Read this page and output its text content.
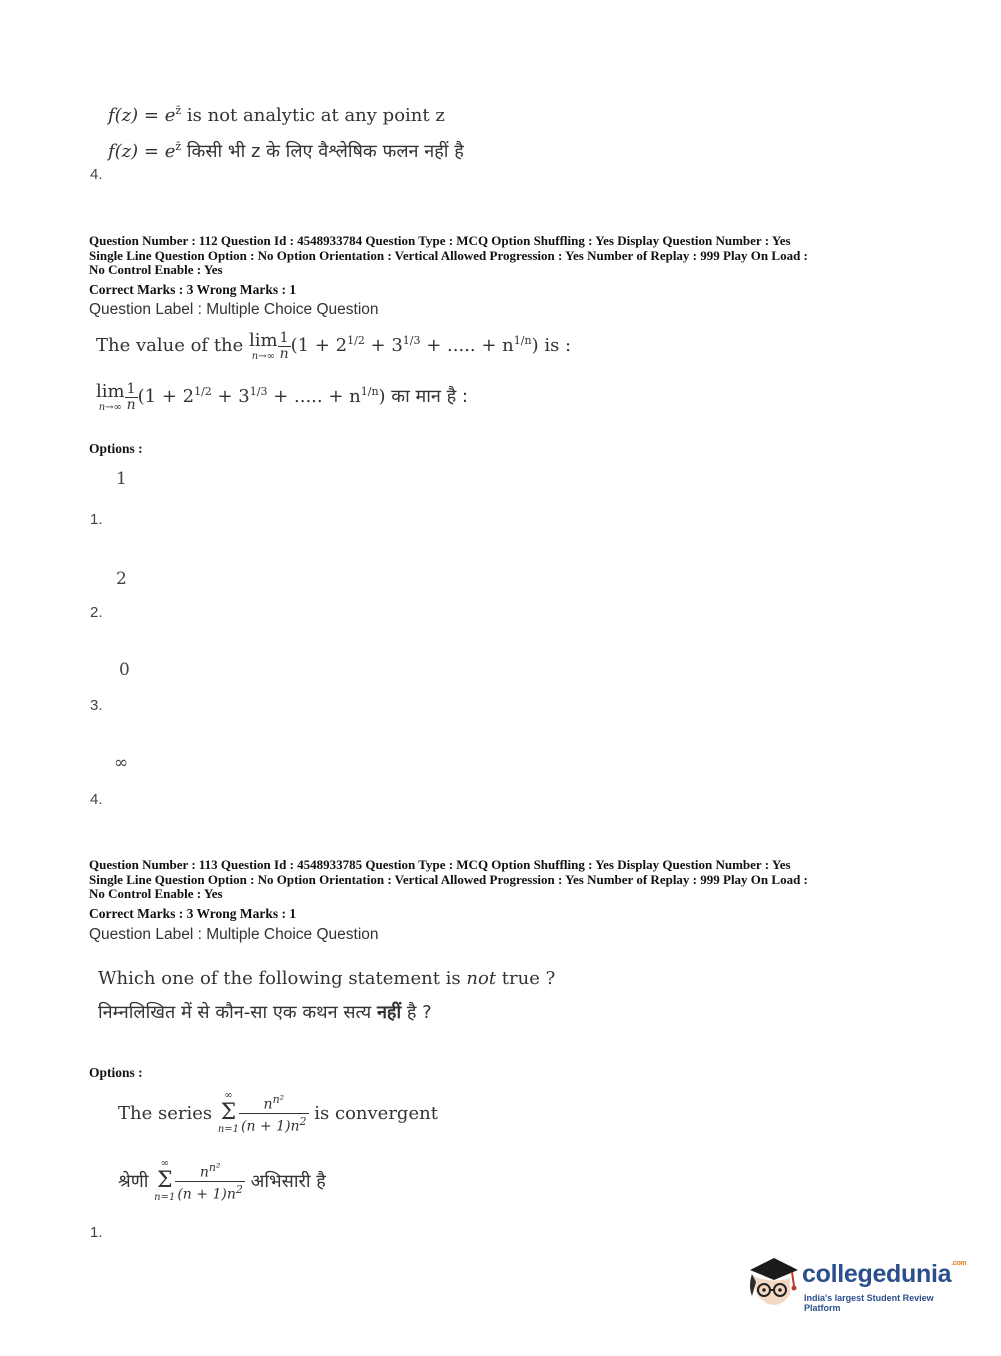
$f(z) = e^{z̄}$ is not analytic at any point z
$f(z) = e^{z̄}$ किसी भी z के लिए वैश्लेषिक फलन नहीं है
4.
Question Number : 112 Question Id : 4548933784 Question Type : MCQ Option Shuffling : Yes Display Question Number : Yes
Single Line Question Option : No Option Orientation : Vertical Allowed Progression : Yes Number of Replay : 999 Play On Load :
No Control Enable : Yes
Correct Marks : 3 Wrong Marks : 1
Question Label : Multiple Choice Question
The value of the lim
$n\to\infty \frac{1}{n} (1 + 2^{1/2} + 3^{1/3}$ + ..... + $n^{1/n}$) is :
lim
$n\to\infty \frac{1}{n} (1 + 2^{1/2} + 3^{1/3}$ + ..... + $n^{1/n}$) का मान है :
Options :
1
1.
2
2.
0
3.
∞
4.
Question Number : 113 Question Id : 4548933785 Question Type : MCQ Option Shuffling : Yes Display Question Number : Yes
Single Line Question Option : No Option Orientation : Vertical Allowed Progression : Yes Number of Replay : 999 Play On Load :
No Control Enable : Yes
Correct Marks : 3 Wrong Marks : 1
Question Label : Multiple Choice Question
Which one of the following statement is not true ?
निम्नलिखित में से कौन-सा एक कथन सत्य नहीं है ?
Options :
The series
∞
Σ
$n=1 \frac{n^{n^2}}{(n + 1)n^2}$ is convergent
श्रेणी
∞
Σ
$n=1 \frac{n^{n^2}}{(n + 1)n^2}$ अभिसारी है
1.
collegedunia$^{.com}$
India's largest Student Review Platform
